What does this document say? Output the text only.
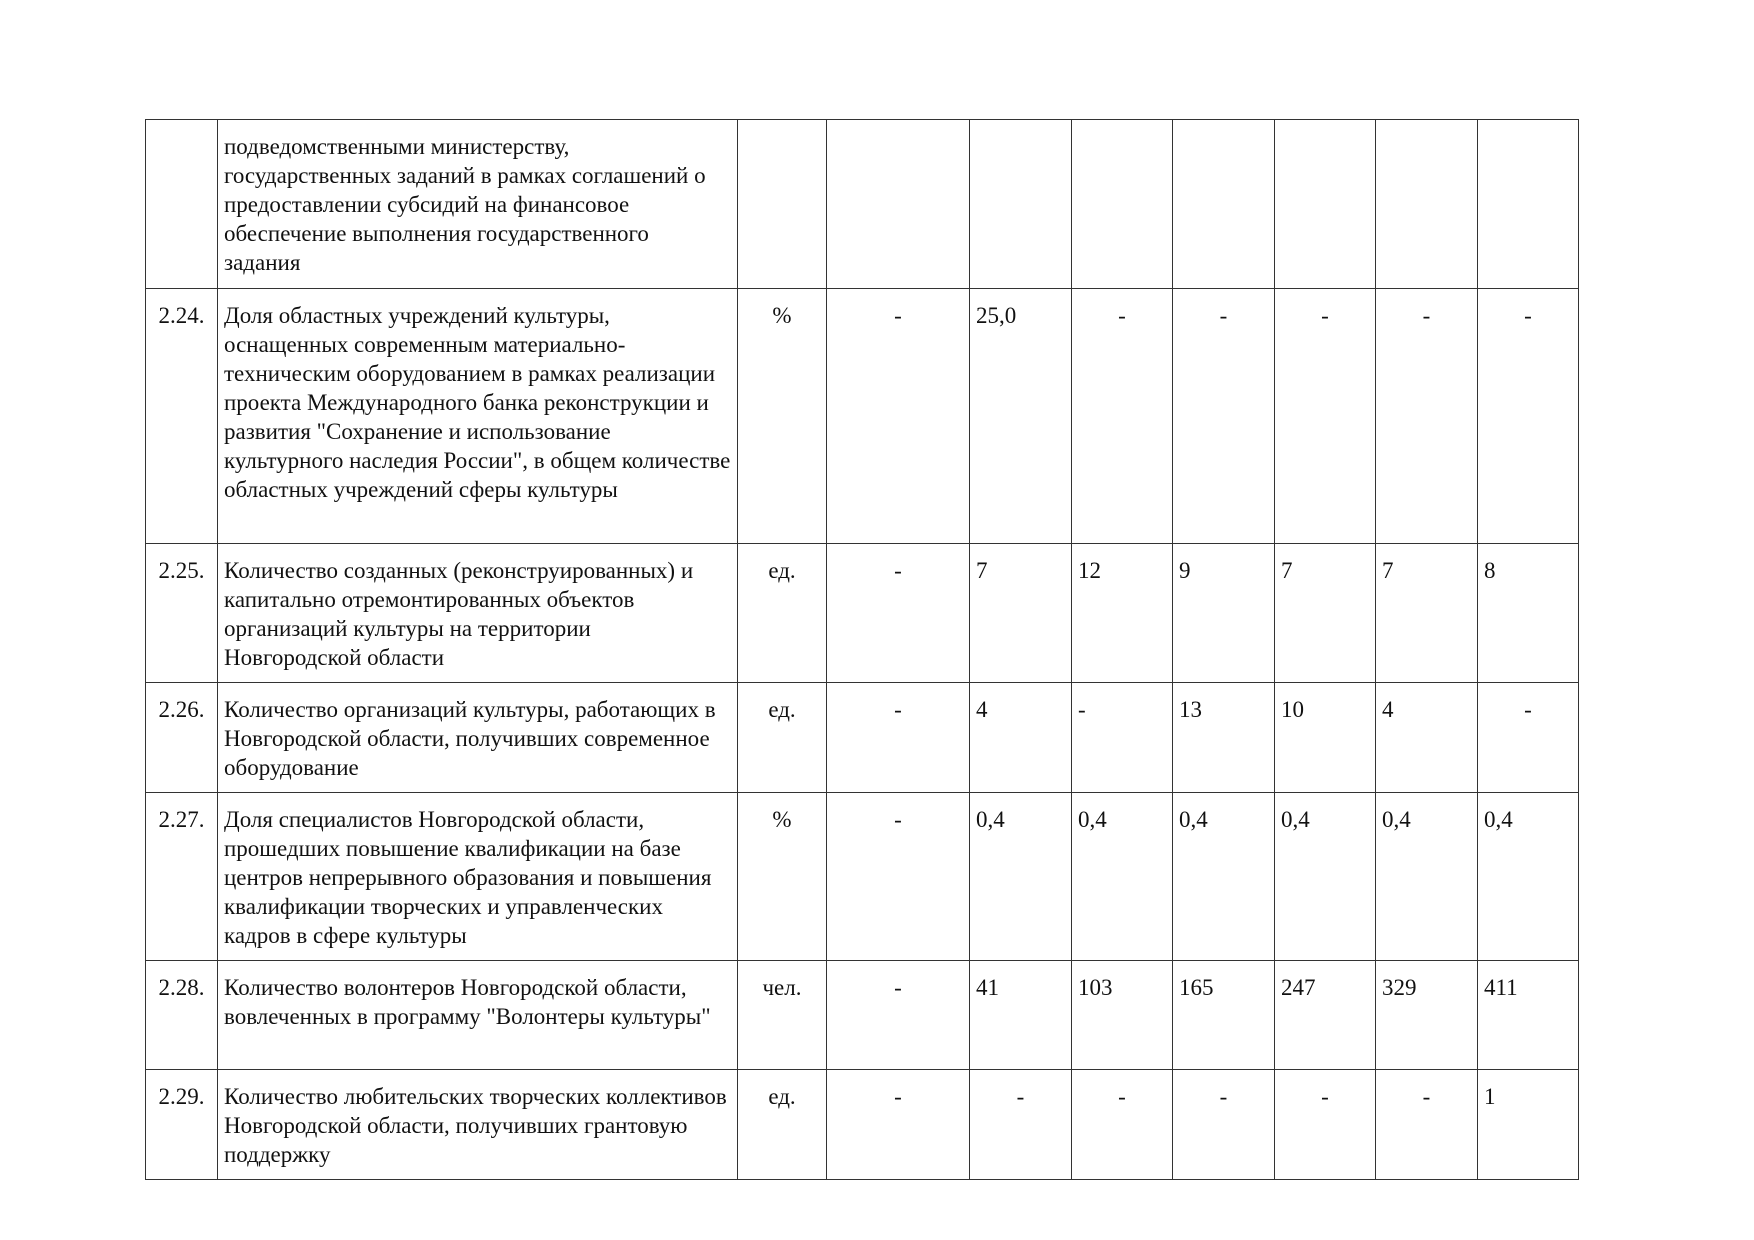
	подведомственными министерству, государственных заданий в рамках соглашений о предоставлении субсидий на финансовое обеспечение выполнения государственного задания								
2.24.	Доля областных учреждений культуры, оснащенных современным материально-техническим оборудованием в рамках реализации проекта Международного банка реконструкции и развития "Сохранение и использование культурного наследия России", в общем количестве областных учреждений сферы культуры	%	-	25,0	-	-	-	-	-
2.25.	Количество созданных (реконструированных) и капитально отремонтированных объектов организаций культуры на территории Новгородской области	ед.	-	7	12	9	7	7	8
2.26.	Количество организаций культуры, работающих в Новгородской области, получивших современное оборудование	ед.	-	4	-	13	10	4	-
2.27.	Доля специалистов Новгородской области, прошедших повышение квалификации на базе центров непрерывного образования и повышения квалификации творческих и управленческих кадров в сфере культуры	%	-	0,4	0,4	0,4	0,4	0,4	0,4
2.28.	Количество волонтеров Новгородской области, вовлеченных в программу "Волонтеры культуры"	чел.	-	41	103	165	247	329	411
2.29.	Количество любительских творческих коллективов Новгородской области, получивших грантовую поддержку	ед.	-	-	-	-	-	-	1
